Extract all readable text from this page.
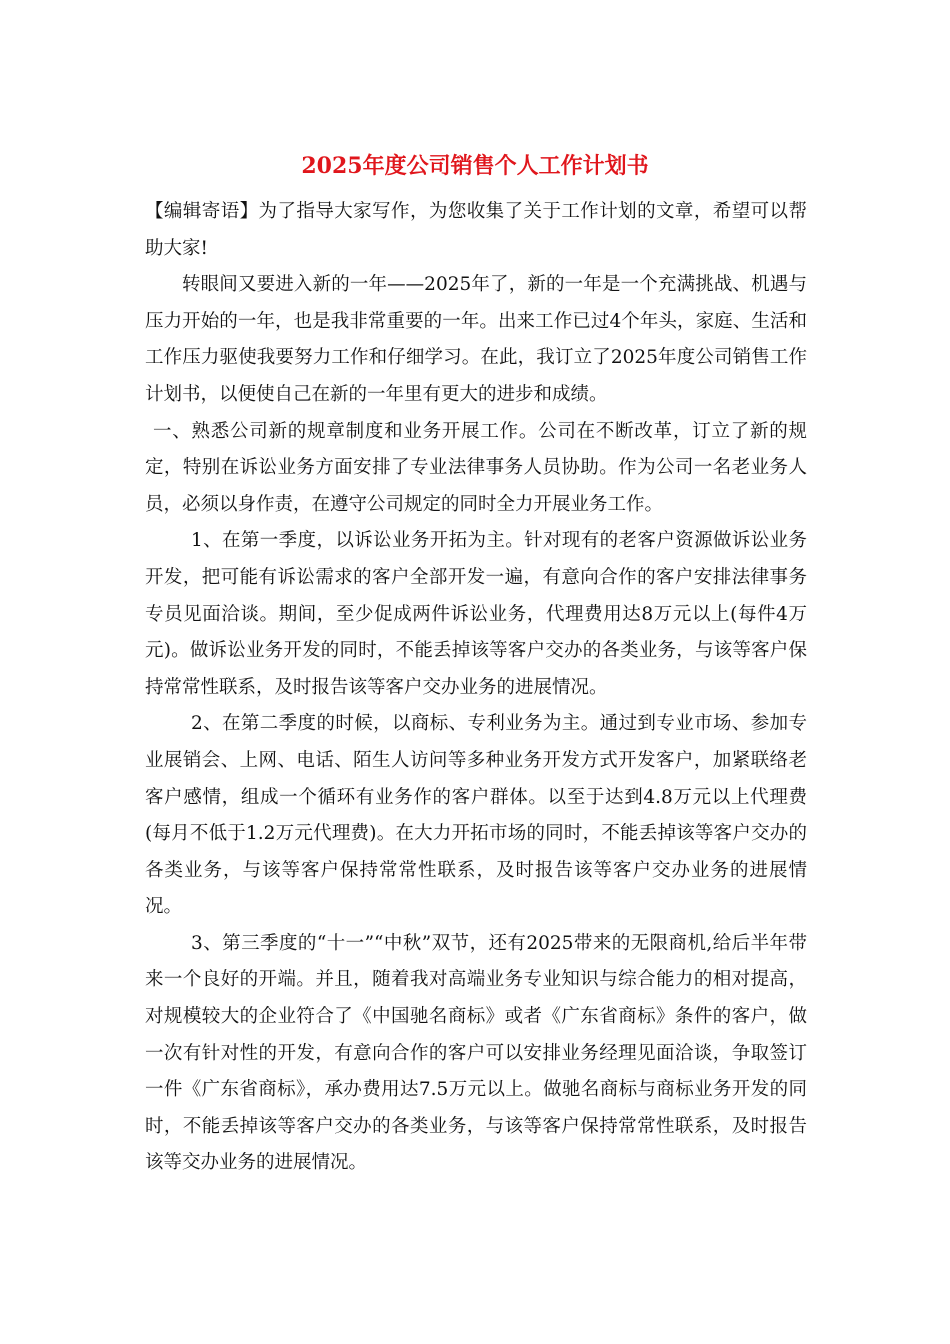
2025年度公司销售个人工作计划书

【编辑寄语】为了指导大家写作，为您收集了关于工作计划的文章，希望可以帮助大家!

转眼间又要进入新的一年——2025年了，新的一年是一个充满挑战、机遇与压力开始的一年，也是我非常重要的一年。出来工作已过4个年头，家庭、生活和工作压力驱使我要努力工作和仔细学习。在此，我订立了2025年度公司销售工作计划书，以便使自己在新的一年里有更大的进步和成绩。

一、熟悉公司新的规章制度和业务开展工作。公司在不断改革，订立了新的规定，特别在诉讼业务方面安排了专业法律事务人员协助。作为公司一名老业务人员，必须以身作责，在遵守公司规定的同时全力开展业务工作。

1、在第一季度，以诉讼业务开拓为主。针对现有的老客户资源做诉讼业务开发，把可能有诉讼需求的客户全部开发一遍，有意向合作的客户安排法律事务专员见面洽谈。期间，至少促成两件诉讼业务，代理费用达8万元以上(每件4万元)。做诉讼业务开发的同时，不能丢掉该等客户交办的各类业务，与该等客户保持常常性联系，及时报告该等客户交办业务的进展情况。

2、在第二季度的时候，以商标、专利业务为主。通过到专业市场、参加专业展销会、上网、电话、陌生人访问等多种业务开发方式开发客户，加紧联络老客户感情，组成一个循环有业务作的客户群体。以至于达到4.8万元以上代理费(每月不低于1.2万元代理费)。在大力开拓市场的同时，不能丢掉该等客户交办的各类业务，与该等客户保持常常性联系，及时报告该等客户交办业务的进展情况。

3、第三季度的“十一”“中秋”双节，还有2025带来的无限商机,给后半年带来一个良好的开端。并且，随着我对高端业务专业知识与综合能力的相对提高，对规模较大的企业符合了《中国驰名商标》或者《广东省商标》条件的客户，做一次有针对性的开发，有意向合作的客户可以安排业务经理见面洽谈，争取签订一件《广东省商标》，承办费用达7.5万元以上。做驰名商标与商标业务开发的同时，不能丢掉该等客户交办的各类业务，与该等客户保持常常性联系，及时报告该等交办业务的进展情况。
